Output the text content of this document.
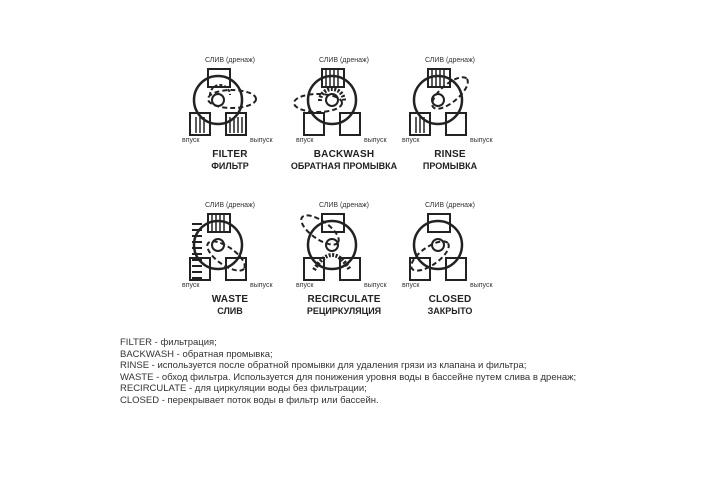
СЛИВ (дренаж)
впуск	выпуск
FILTER
ФИЛЬТР
СЛИВ (дренаж)
впуск	выпуск
BACKWASH
ОБРАТНАЯ ПРОМЫВКА
СЛИВ (дренаж)
впуск	выпуск
RINSE
ПРОМЫВКА
СЛИВ (дренаж)
впуск	выпуск
WASTE
СЛИВ
СЛИВ (дренаж)
впуск	выпуск
RECIRCULATE
РЕЦИРКУЛЯЦИЯ
СЛИВ (дренаж)
впуск	выпуск
CLOSED
ЗАКРЫТО
FILTER - фильтрация;
BACKWASH - обратная промывка;
RINSE - используется после обратной промывки для удаления грязи из клапана и фильтра;
WASTE - обход фильтра. Используется для понижения уровня воды в бассейне путем слива в дренаж;
RECIRCULATE - для циркуляции воды без фильтрации;
CLOSED - перекрывает поток воды в фильтр или бассейн.
